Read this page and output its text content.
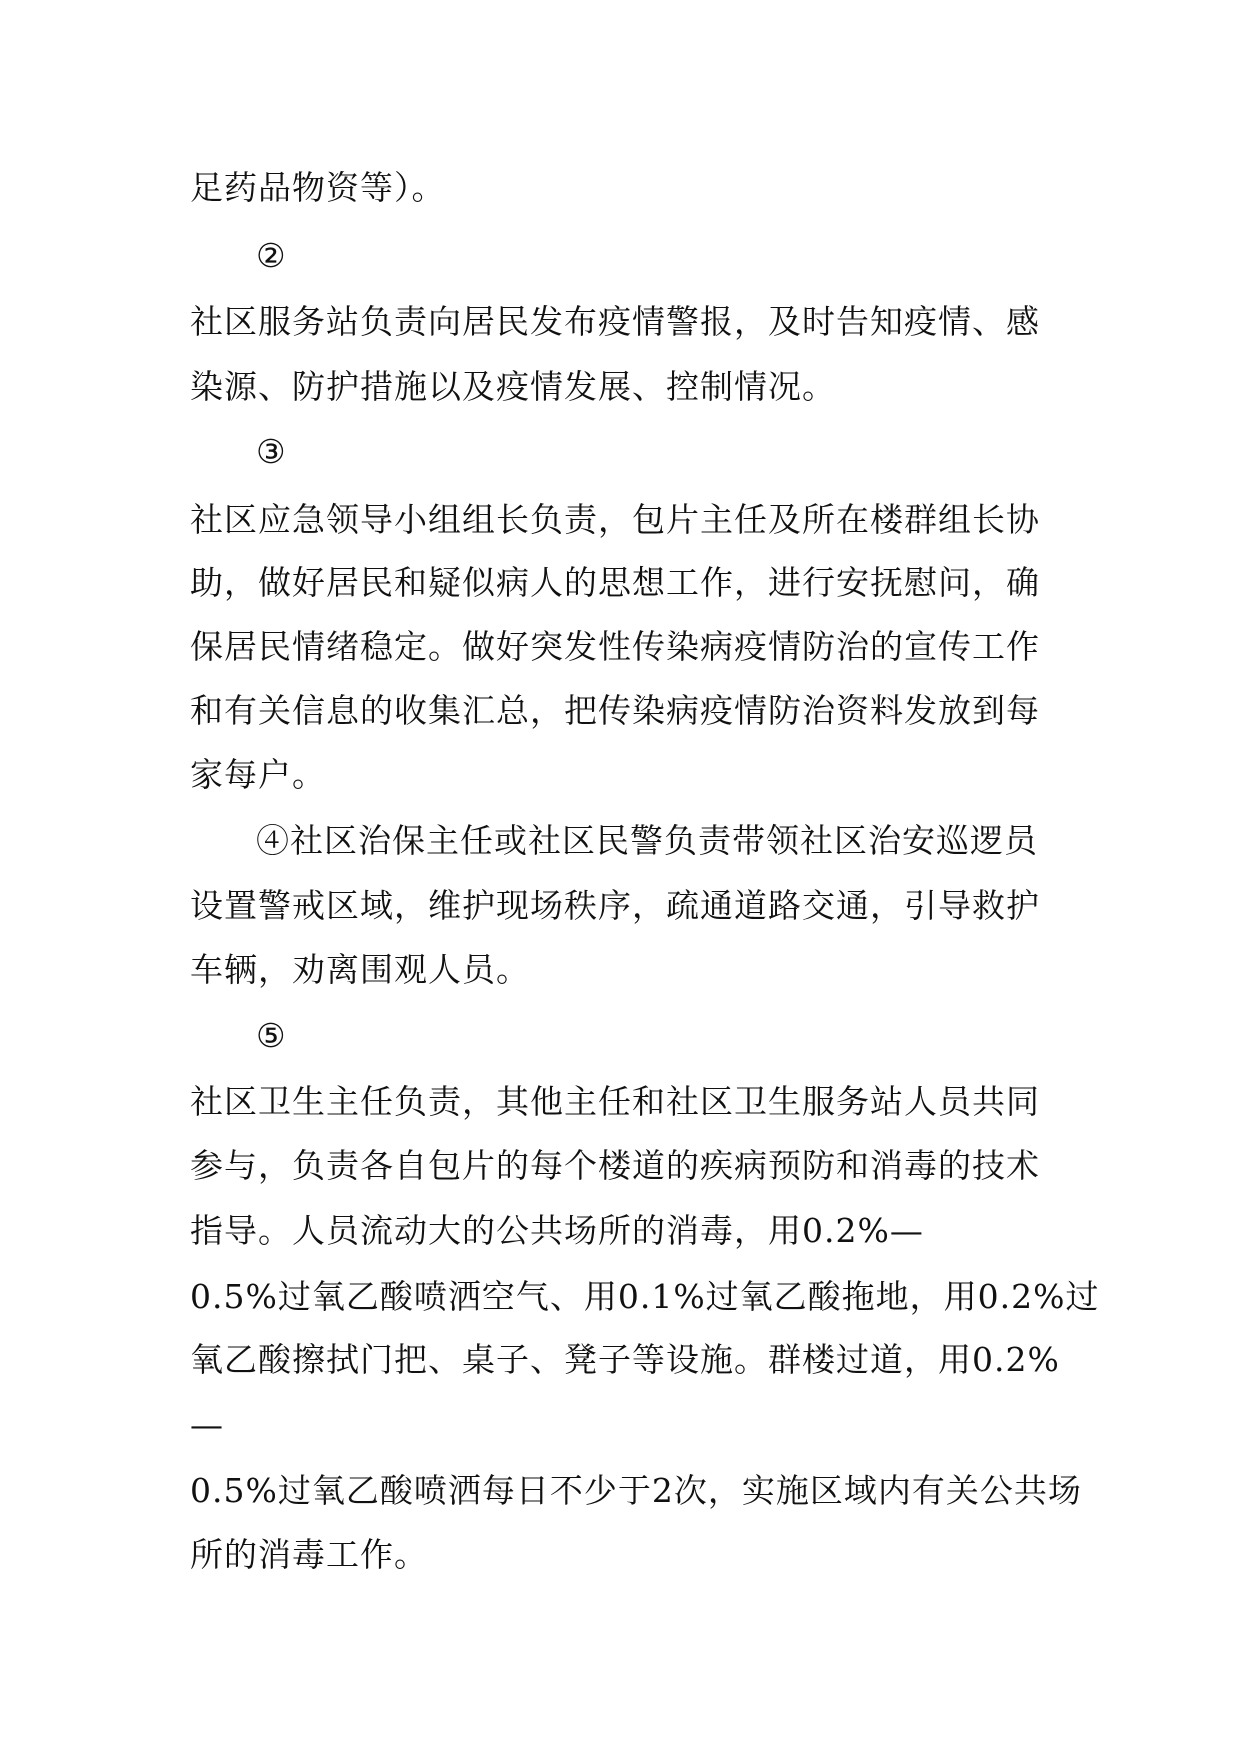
足药品物资等）。
②
社区服务站负责向居民发布疫情警报，及时告知疫情、感
染源、防护措施以及疫情发展、控制情况。
③
社区应急领导小组组长负责，包片主任及所在楼群组长协
助，做好居民和疑似病人的思想工作，进行安抚慰问，确
保居民情绪稳定。做好突发性传染病疫情防治的宣传工作
和有关信息的收集汇总，把传染病疫情防治资料发放到每
家每户。
④社区治保主任或社区民警负责带领社区治安巡逻员
设置警戒区域，维护现场秩序，疏通道路交通，引导救护
车辆，劝离围观人员。
⑤
社区卫生主任负责，其他主任和社区卫生服务站人员共同
参与，负责各自包片的每个楼道的疾病预防和消毒的技术
指导。人员流动大的公共场所的消毒，用0.2%—
0.5%过氧乙酸喷洒空气、用0.1%过氧乙酸拖地，用0.2%过
氧乙酸擦拭门把、桌子、凳子等设施。群楼过道，用0.2%
—
0.5%过氧乙酸喷洒每日不少于2次，实施区域内有关公共场
所的消毒工作。
